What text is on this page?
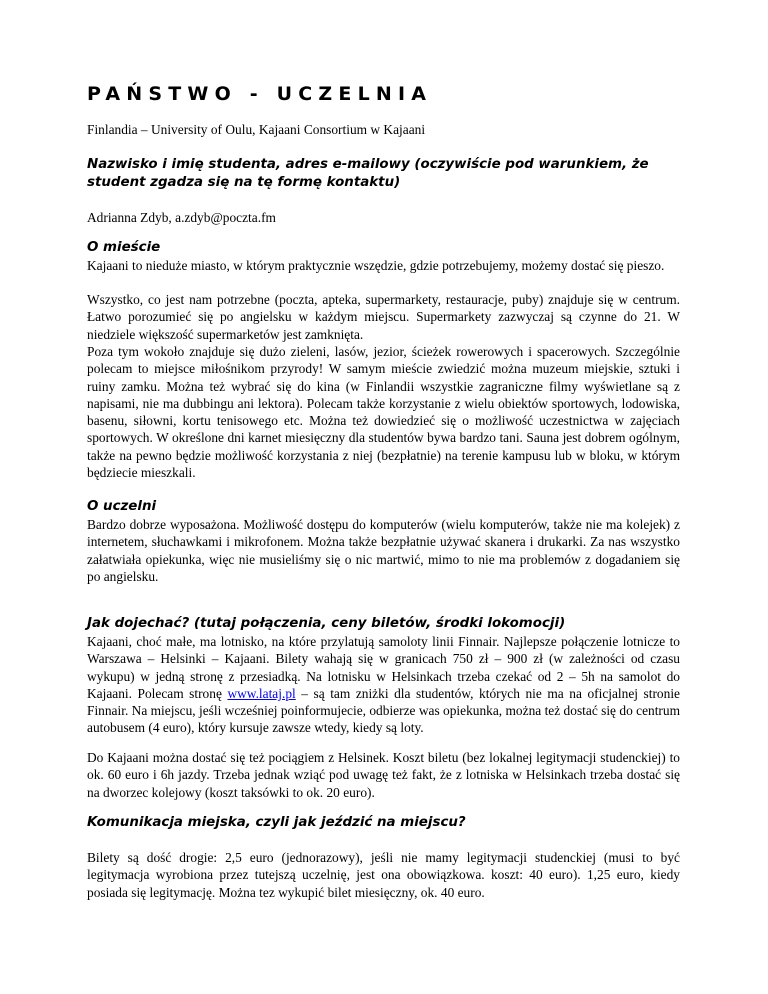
PAŃSTWO - UCZELNIA

Finlandia – University of Oulu, Kajaani Consortium w Kajaani

Nazwisko i imię studenta, adres e-mailowy (oczywiście pod warunkiem, że student zgadza się na tę formę kontaktu)

Adrianna Zdyb, a.zdyb@poczta.fm

O mieście

Kajaani to nieduże miasto, w którym praktycznie wszędzie, gdzie potrzebujemy, możemy dostać się pieszo.

Wszystko, co jest nam potrzebne (poczta, apteka, supermarkety, restauracje, puby) znajduje się w centrum. Łatwo porozumieć się po angielsku w każdym miejscu. Supermarkety zazwyczaj są czynne do 21. W niedziele większość supermarketów jest zamknięta.

Poza tym wokoło znajduje się dużo zieleni, lasów, jezior, ścieżek rowerowych i spacerowych. Szczególnie polecam to miejsce miłośnikom przyrody! W samym mieście zwiedzić można muzeum miejskie, sztuki i ruiny zamku. Można też wybrać się do kina (w Finlandii wszystkie zagraniczne filmy wyświetlane są z napisami, nie ma dubbingu ani lektora). Polecam także korzystanie z wielu obiektów sportowych, lodowiska, basenu, siłowni, kortu tenisowego etc. Można też dowiedzieć się o możliwość uczestnictwa w zajęciach sportowych. W określone dni karnet miesięczny dla studentów bywa bardzo tani. Sauna jest dobrem ogólnym, także na pewno będzie możliwość korzystania z niej (bezpłatnie) na terenie kampusu lub w bloku, w którym będziecie mieszkali.

O uczelni

Bardzo dobrze wyposażona. Możliwość dostępu do komputerów (wielu komputerów, także nie ma kolejek) z internetem, słuchawkami i mikrofonem. Można także bezpłatnie używać skanera i drukarki. Za nas wszystko załatwiała opiekunka, więc nie musieliśmy się o nic martwić, mimo to nie ma problemów z dogadaniem się po angielsku.

Jak dojechać? (tutaj połączenia, ceny biletów, środki lokomocji)

Kajaani, choć małe, ma lotnisko, na które przylatują samoloty linii Finnair. Najlepsze połączenie lotnicze to Warszawa – Helsinki – Kajaani. Bilety wahają się w granicach 750 zł – 900 zł (w zależności od czasu wykupu) w jedną stronę z przesiadką. Na lotnisku w Helsinkach trzeba czekać od 2 – 5h na samolot do Kajaani. Polecam stronę www.lataj.pl – są tam zniżki dla studentów, których nie ma na oficjalnej stronie Finnair. Na miejscu, jeśli wcześniej poinformujecie, odbierze was opiekunka, można też dostać się do centrum autobusem (4 euro), który kursuje zawsze wtedy, kiedy są loty.

Do Kajaani można dostać się też pociągiem z Helsinek. Koszt biletu (bez lokalnej legitymacji studenckiej) to ok. 60 euro i 6h jazdy. Trzeba jednak wziąć pod uwagę też fakt, że z lotniska w Helsinkach trzeba dostać się na dworzec kolejowy (koszt taksówki to ok. 20 euro).

Komunikacja miejska, czyli jak jeździć na miejscu?

Bilety są dość drogie: 2,5 euro (jednorazowy), jeśli nie mamy legitymacji studenckiej (musi to być legitymacja wyrobiona przez tutejszą uczelnię, jest ona obowiązkowa. koszt: 40 euro). 1,25 euro, kiedy posiada się legitymację. Można tez wykupić bilet miesięczny, ok. 40 euro.
